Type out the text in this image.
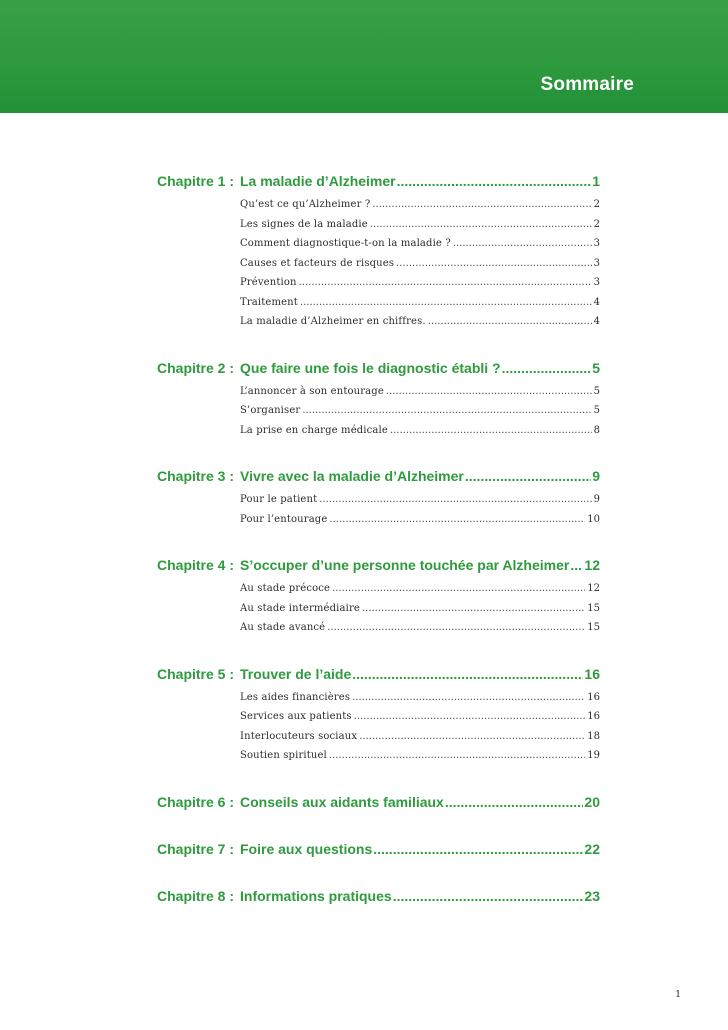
Sommaire
Chapitre 1 : La maladie d’Alzheimer .....	1
Qu’est ce qu’Alzheimer ? .....	2
Les signes de la maladie .....	2
Comment diagnostique-t-on la maladie ? .....	3
Causes et facteurs de risques .....	3
Prévention .....	3
Traitement .....	4
La maladie d’Alzheimer en chiffres. .....	4
Chapitre 2 : Que faire une fois le diagnostic établi ? .....	5
L’annoncer à son entourage .....	5
S’organiser .....	5
La prise en charge médicale .....	8
Chapitre 3 : Vivre avec la maladie d’Alzheimer .....	9
Pour le patient .....	9
Pour l’entourage .....	10
Chapitre 4 : S’occuper d’une personne touchée par Alzheimer ..... 12
Au stade précoce .....	12
Au stade intermédiaire .....	15
Au stade avancé .....	15
Chapitre 5 : Trouver de l’aide .....	16
Les aides financières .....	16
Services aux patients .....	16
Interlocuteurs sociaux .....	18
Soutien spirituel .....	19
Chapitre 6 : Conseils aux aidants familiaux .....	20
Chapitre 7 : Foire aux questions .....	22
Chapitre 8 : Informations pratiques .....	23
1
